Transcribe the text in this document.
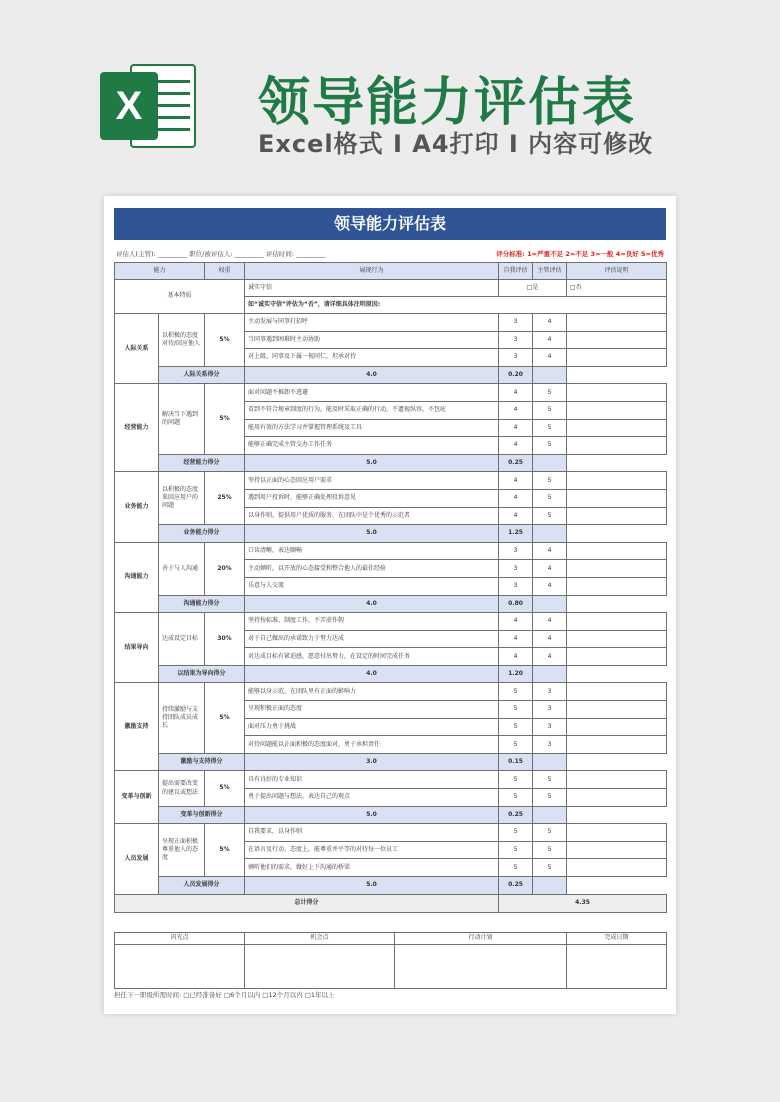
X	领导能力评估表
Excel格式 I A4打印 I 内容可修改
领导能力评估表
评估人(主管): _________ 职位/被评估人: _________ 评估时间: _________	评分标准: 1=严重不足 2=不足 3=一般 4=良好 5=优秀
能力		权重	展现行为	自我评估	主管评估	评估说明
基本特质			诚实守信	□是		□否
			如“诚实守信”评估为“否”，请详细具体注明原因:			
人际关系	以积极的态度对待/回应他人	5%	主动发展与同事打招呼	3	4	
			当同事遇到困难时主动协助	3	4	
			对上级、同事及下属一视同仁，坦承对待	3	4	
	人际关系得分		4.0	0.20		
经营能力	解决当下遇到的问题	5%	面对问题不推卸不逃避	4	5	
			看到不符合规章制度的行为，能及时采取正确的行动，不遗视纵容，不包庇	4	5	
			能用有效的方法学习并掌握管理系统及工具	4	5	
			能够正确完成主管交办工作任务	4	5	
	经营能力得分		5.0	0.25		
业务能力	以积极的态度来回应用户的问题	25%	坚持以正面的心态回应用户需求	4	5	
			遇到用户投诉时，能够正确处理投诉意见	4	5	
			以身作则，提供用户优质的服务，在团队中是个优秀的示范者	4	5	
	业务能力得分		5.0	1.25		
沟通能力	善于与人沟通	20%	口齿清晰，表达顺畅	3	4	
			主动倾听，以开放的心态接受和整合他人的最佳经验	3	4	
			乐意与人交流	3	4	
	沟通能力得分		4.0	0.80		
结果导向	达成设定目标	30%	坚持按标准、制度工作，不弄虚作假	4	4	
			对于自己做出的承诺致力于努力达成	4	4	
			对达成目标有紧迫感，愿意付出努力，在设定的时间完成任务	4	4	
	以结果为导向得分		4.0	1.20		
激励支持	持续激励与支持团队成员成长	5%	能够以身示范，在团队里有正面的影响力	5	3	
			呈现积极正面的态度	5	3	
			面对压力勇于挑战	5	3	
			对待问题能以正面积极的态度面对，勇于承担责任	5	3	
	激励与支持得分		3.0	0.15		
变革与创新	提出需要改变的建议或想法	5%	具有良好的专业知识	5	5	
			勇于提出问题与想法，表达自己的观点	5	5	
	变革与创新得分		5.0	0.25		
人员发展	呈现正面积极尊重他人的态度	5%	自我要求，以身作则	5	5	
			在语言及行动、态度上，能尊重并平等的对待每一位员工	5	5	
			倾听他们的需求，做好上下沟通的桥梁	5	5	
	人员发展得分		5.0	0.25		
总计得分				4.35		
闪光点	机会点	行动计划	完成日期

担任下一职级所需时间: □已经准备好 □6个月以内 □12个月以内 □1年以上
